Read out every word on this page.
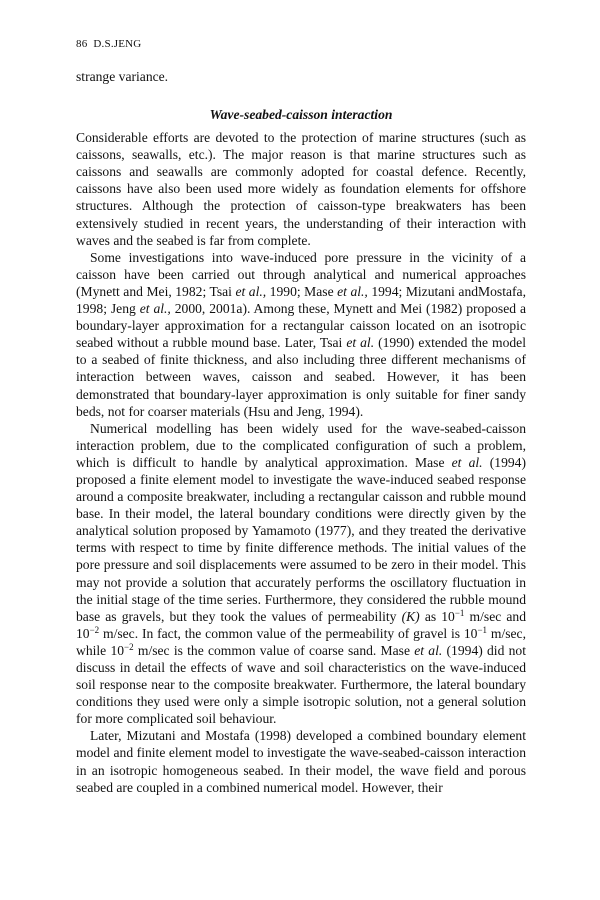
86 D.S.JENG

strange variance.

Wave-seabed-caisson interaction

Considerable efforts are devoted to the protection of marine structures (such as caissons, seawalls, etc.). The major reason is that marine structures such as caissons and seawalls are commonly adopted for coastal defence. Recently, caissons have also been used more widely as foundation elements for offshore structures. Although the protection of caisson-type breakwaters has been extensively studied in recent years, the understanding of their interaction with waves and the seabed is far from complete.

Some investigations into wave-induced pore pressure in the vicinity of a caisson have been carried out through analytical and numerical approaches (Mynett and Mei, 1982; Tsai et al., 1990; Mase et al., 1994; Mizutani andMostafa, 1998; Jeng et al., 2000, 2001a). Among these, Mynett and Mei (1982) proposed a boundary-layer approximation for a rectangular caisson located on an isotropic seabed without a rubble mound base. Later, Tsai et al. (1990) extended the model to a seabed of finite thickness, and also including three different mechanisms of interaction between waves, caisson and seabed. However, it has been demonstrated that boundary-layer approximation is only suitable for finer sandy beds, not for coarser materials (Hsu and Jeng, 1994).

Numerical modelling has been widely used for the wave-seabed-caisson interaction problem, due to the complicated configuration of such a problem, which is difficult to handle by analytical approximation. Mase et al. (1994) proposed a finite element model to investigate the wave-induced seabed response around a composite breakwater, including a rectangular caisson and rubble mound base. In their model, the lateral boundary conditions were directly given by the analytical solution proposed by Yamamoto (1977), and they treated the derivative terms with respect to time by finite difference methods. The initial values of the pore pressure and soil displacements were assumed to be zero in their model. This may not provide a solution that accurately performs the oscillatory fluctuation in the initial stage of the time series. Furthermore, they considered the rubble mound base as gravels, but they took the values of permeability (K) as $10^{-1}$ m/sec and $10^{-2}$ m/sec. In fact, the common value of the permeability of gravel is $10^{-1}$ m/sec, while $10^{-2}$ m/sec is the common value of coarse sand. Mase et al. (1994) did not discuss in detail the effects of wave and soil characteristics on the wave-induced soil response near to the composite breakwater. Furthermore, the lateral boundary conditions they used were only a simple isotropic solution, not a general solution for more complicated soil behaviour.

Later, Mizutani and Mostafa (1998) developed a combined boundary element model and finite element model to investigate the wave-seabed-caisson interaction in an isotropic homogeneous seabed. In their model, the wave field and porous seabed are coupled in a combined numerical model. However, their
